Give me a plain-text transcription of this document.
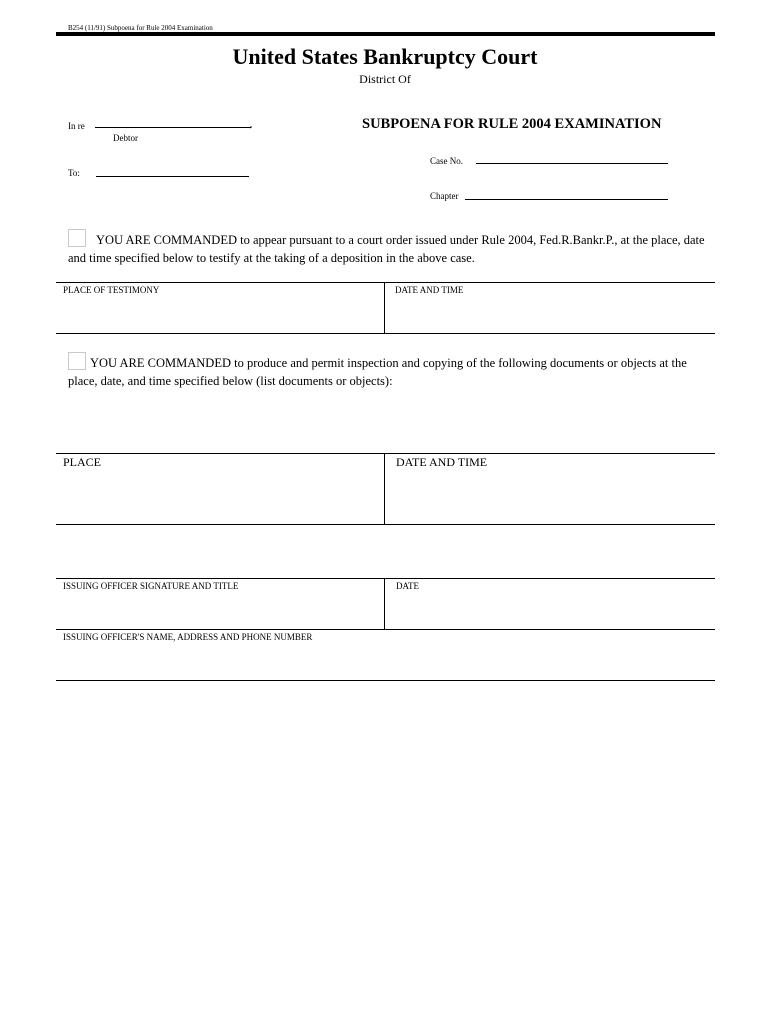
B254 (11/91) Subpoena for Rule 2004 Examination
United States Bankruptcy Court
District Of
In re	,
Debtor
SUBPOENA FOR RULE 2004 EXAMINATION
Case No.
To:
Chapter
YOU ARE COMMANDED to appear pursuant to a court order issued under Rule 2004, Fed.R.Bankr.P., at the place, date and time specified below to testify at the taking of a deposition in the above case.
PLACE OF TESTIMONY	DATE AND TIME
YOU ARE COMMANDED to produce and permit inspection and copying of the following documents or objects at the place, date, and time specified below (list documents or objects):
PLACE	DATE AND TIME
ISSUING OFFICER SIGNATURE AND TITLE	DATE
ISSUING OFFICER'S NAME, ADDRESS AND PHONE NUMBER
